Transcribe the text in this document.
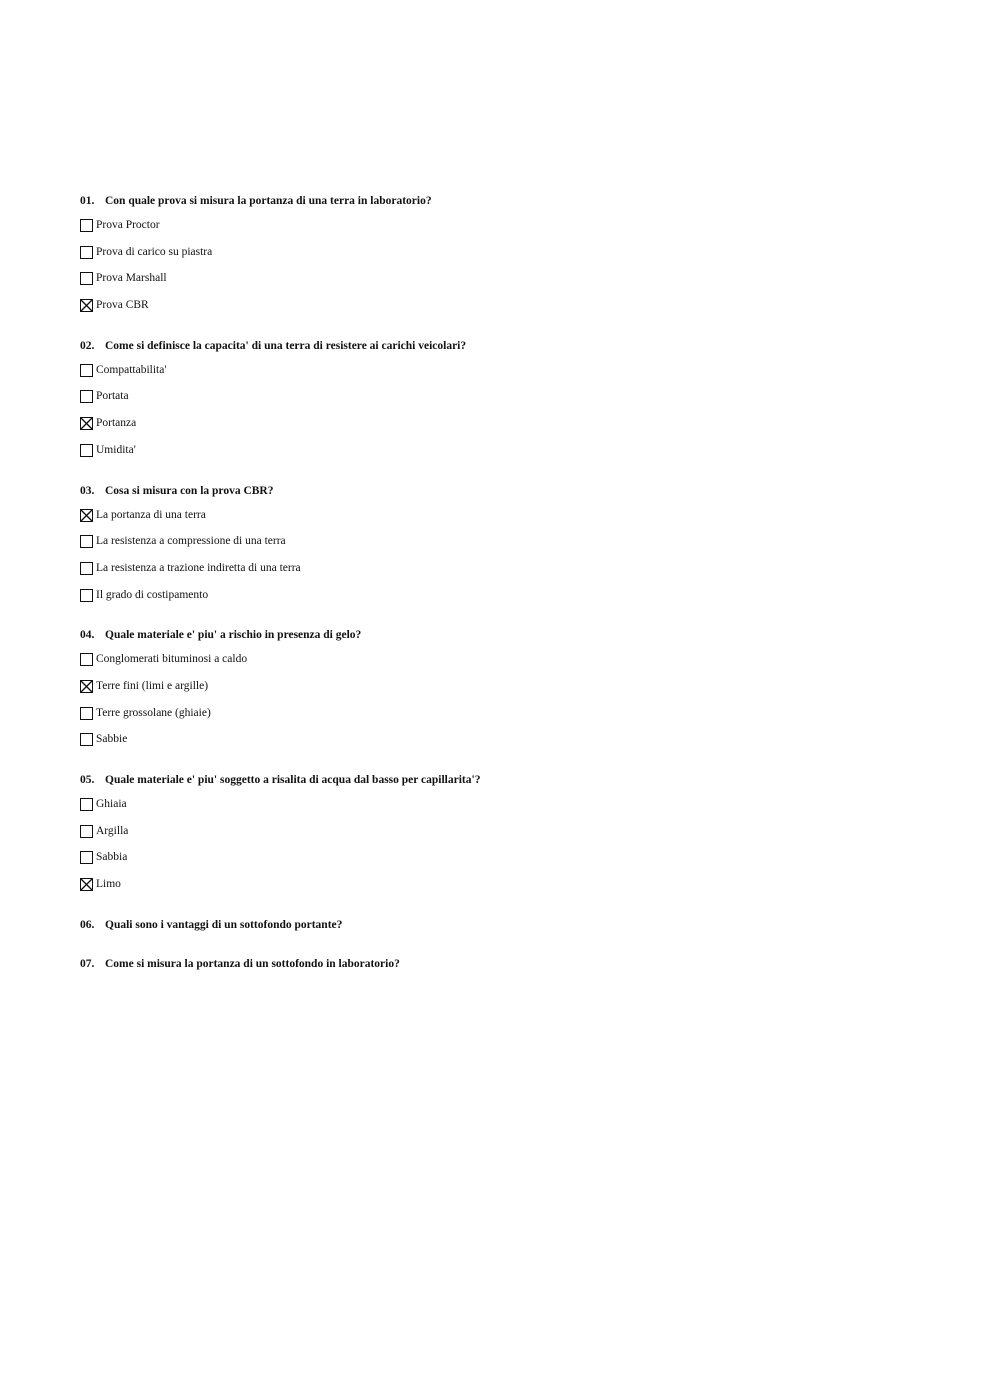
01. Con quale prova si misura la portanza di una terra in laboratorio?
Prova Proctor
Prova di carico su piastra
Prova Marshall
Prova CBR
02. Come si definisce la capacita' di una terra di resistere ai carichi veicolari?
Compattabilita'
Portata
Portanza
Umidita'
03. Cosa si misura con la prova CBR?
La portanza di una terra
La resistenza a compressione di una terra
La resistenza a trazione indiretta di una terra
Il grado di costipamento
04. Quale materiale e' piu' a rischio in presenza di gelo?
Conglomerati bituminosi a caldo
Terre fini (limi e argille)
Terre grossolane (ghiaie)
Sabbie
05. Quale materiale e' piu' soggetto a risalita di acqua dal basso per capillarita'?
Ghiaia
Argilla
Sabbia
Limo
06. Quali sono i vantaggi di un sottofondo portante?
07. Come si misura la portanza di un sottofondo in laboratorio?
